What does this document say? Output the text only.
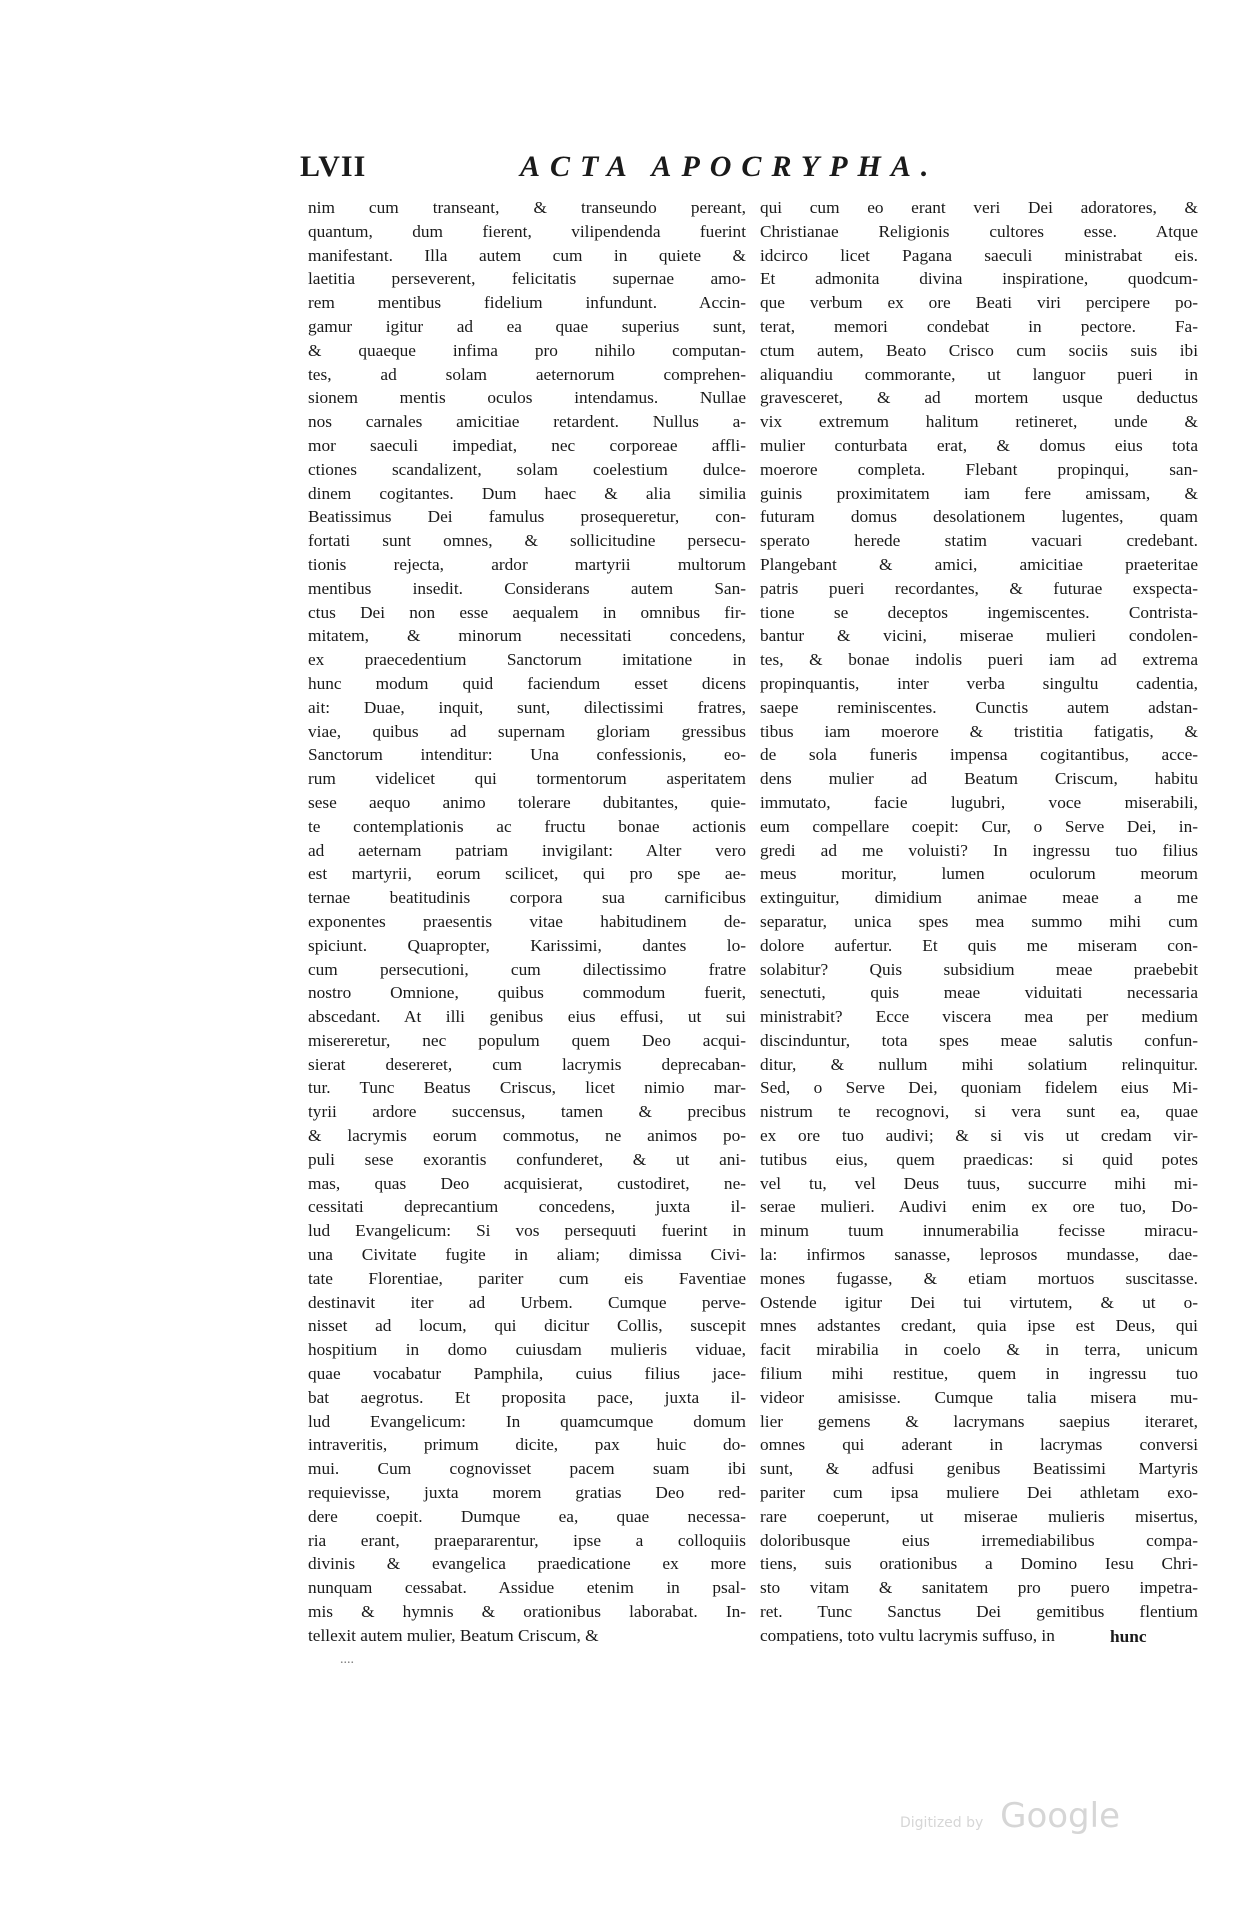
LVII	ACTA APOCRYPHA.
nim cum transeant, & transeundo pereant,
quantum, dum fierent, vilipendenda fuerint
manifestant. Illa autem cum in quiete &
laetitia perseverent, felicitatis supernae amo-
rem mentibus fidelium infundunt. Accin-
gamur igitur ad ea quae superius sunt,
& quaeque infima pro nihilo computan-
tes, ad solam aeternorum comprehen-
sionem mentis oculos intendamus. Nullae
nos carnales amicitiae retardent. Nullus a-
mor saeculi impediat, nec corporeae affli-
ctiones scandalizent, solam coelestium dulce-
dinem cogitantes. Dum haec & alia similia
Beatissimus Dei famulus prosequeretur, con-
fortati sunt omnes, & sollicitudine persecu-
tionis rejecta, ardor martyrii multorum
mentibus insedit. Considerans autem San-
ctus Dei non esse aequalem in omnibus fir-
mitatem, & minorum necessitati concedens,
ex praecedentium Sanctorum imitatione in
hunc modum quid faciendum esset dicens
ait: Duae, inquit, sunt, dilectissimi fratres,
viae, quibus ad supernam gloriam gressibus
Sanctorum intenditur: Una confessionis, eo-
rum videlicet qui tormentorum asperitatem
sese aequo animo tolerare dubitantes, quie-
te contemplationis ac fructu bonae actionis
ad aeternam patriam invigilant: Alter vero
est martyrii, eorum scilicet, qui pro spe ae-
ternae beatitudinis corpora sua carnificibus
exponentes praesentis vitae habitudinem de-
spiciunt. Quapropter, Karissimi, dantes lo-
cum persecutioni, cum dilectissimo fratre
nostro Omnione, quibus commodum fuerit,
abscedant. At illi genibus eius effusi, ut sui
misereretur, nec populum quem Deo acqui-
sierat desereret, cum lacrymis deprecaban-
tur. Tunc Beatus Criscus, licet nimio mar-
tyrii ardore succensus, tamen & precibus
& lacrymis eorum commotus, ne animos po-
puli sese exorantis confunderet, & ut ani-
mas, quas Deo acquisierat, custodiret, ne-
cessitati deprecantium concedens, juxta il-
lud Evangelicum: Si vos persequuti fuerint in
una Civitate fugite in aliam; dimissa Civi-
tate Florentiae, pariter cum eis Faventiae
destinavit iter ad Urbem. Cumque perve-
nisset ad locum, qui dicitur Collis, suscepit
hospitium in domo cuiusdam mulieris viduae,
quae vocabatur Pamphila, cuius filius jace-
bat aegrotus. Et proposita pace, juxta il-
lud Evangelicum: In quamcumque domum
intraveritis, primum dicite, pax huic do-
mui. Cum cognovisset pacem suam ibi
requievisse, juxta morem gratias Deo red-
dere coepit. Dumque ea, quae necessa-
ria erant, praepararentur, ipse a colloquiis
divinis & evangelica praedicatione ex more
nunquam cessabat. Assidue etenim in psal-
mis & hymnis & orationibus laborabat. In-
tellexit autem mulier, Beatum Criscum, &
qui cum eo erant veri Dei adoratores, &
Christianae Religionis cultores esse. Atque
idcirco licet Pagana saeculi ministrabat eis.
Et admonita divina inspiratione, quodcum-
que verbum ex ore Beati viri percipere po-
terat, memori condebat in pectore. Fa-
ctum autem, Beato Crisco cum sociis suis ibi
aliquandiu commorante, ut languor pueri in
gravesceret, & ad mortem usque deductus
vix extremum halitum retineret, unde &
mulier conturbata erat, & domus eius tota
moerore completa. Flebant propinqui, san-
guinis proximitatem iam fere amissam, &
futuram domus desolationem lugentes, quam
sperato herede statim vacuari credebant.
Plangebant & amici, amicitiae praeteritae
patris pueri recordantes, & futurae exspecta-
tione se deceptos ingemiscentes. Contrista-
bantur & vicini, miserae mulieri condolen-
tes, & bonae indolis pueri iam ad extrema
propinquantis, inter verba singultu cadentia,
saepe reminiscentes. Cunctis autem adstan-
tibus iam moerore & tristitia fatigatis, &
de sola funeris impensa cogitantibus, acce-
dens mulier ad Beatum Criscum, habitu
immutato, facie lugubri, voce miserabili,
eum compellare coepit: Cur, o Serve Dei, in-
gredi ad me voluisti? In ingressu tuo filius
meus moritur, lumen oculorum meorum
extinguitur, dimidium animae meae a me
separatur, unica spes mea summo mihi cum
dolore aufertur. Et quis me miseram con-
solabitur? Quis subsidium meae praebebit
senectuti, quis meae viduitati necessaria
ministrabit? Ecce viscera mea per medium
discinduntur, tota spes meae salutis confun-
ditur, & nullum mihi solatium relinquitur.
Sed, o Serve Dei, quoniam fidelem eius Mi-
nistrum te recognovi, si vera sunt ea, quae
ex ore tuo audivi; & si vis ut credam vir-
tutibus eius, quem praedicas: si quid potes
vel tu, vel Deus tuus, succurre mihi mi-
serae mulieri. Audivi enim ex ore tuo, Do-
minum tuum innumerabilia fecisse miracu-
la: infirmos sanasse, leprosos mundasse, dae-
mones fugasse, & etiam mortuos suscitasse.
Ostende igitur Dei tui virtutem, & ut o-
mnes adstantes credant, quia ipse est Deus, qui
facit mirabilia in coelo & in terra, unicum
filium mihi restitue, quem in ingressu tuo
videor amisisse. Cumque talia misera mu-
lier gemens & lacrymans saepius iteraret,
omnes qui aderant in lacrymas conversi
sunt, & adfusi genibus Beatissimi Martyris
pariter cum ipsa muliere Dei athletam exo-
rare coeperunt, ut miserae mulieris misertus,
doloribusque eius irremediabilibus compa-
tiens, suis orationibus a Domino Iesu Chri-
sto vitam & sanitatem pro puero impetra-
ret. Tunc Sanctus Dei gemitibus flentium
compatiens, toto vultu lacrymis suffuso, in	hunc
....
Digitized by Google
